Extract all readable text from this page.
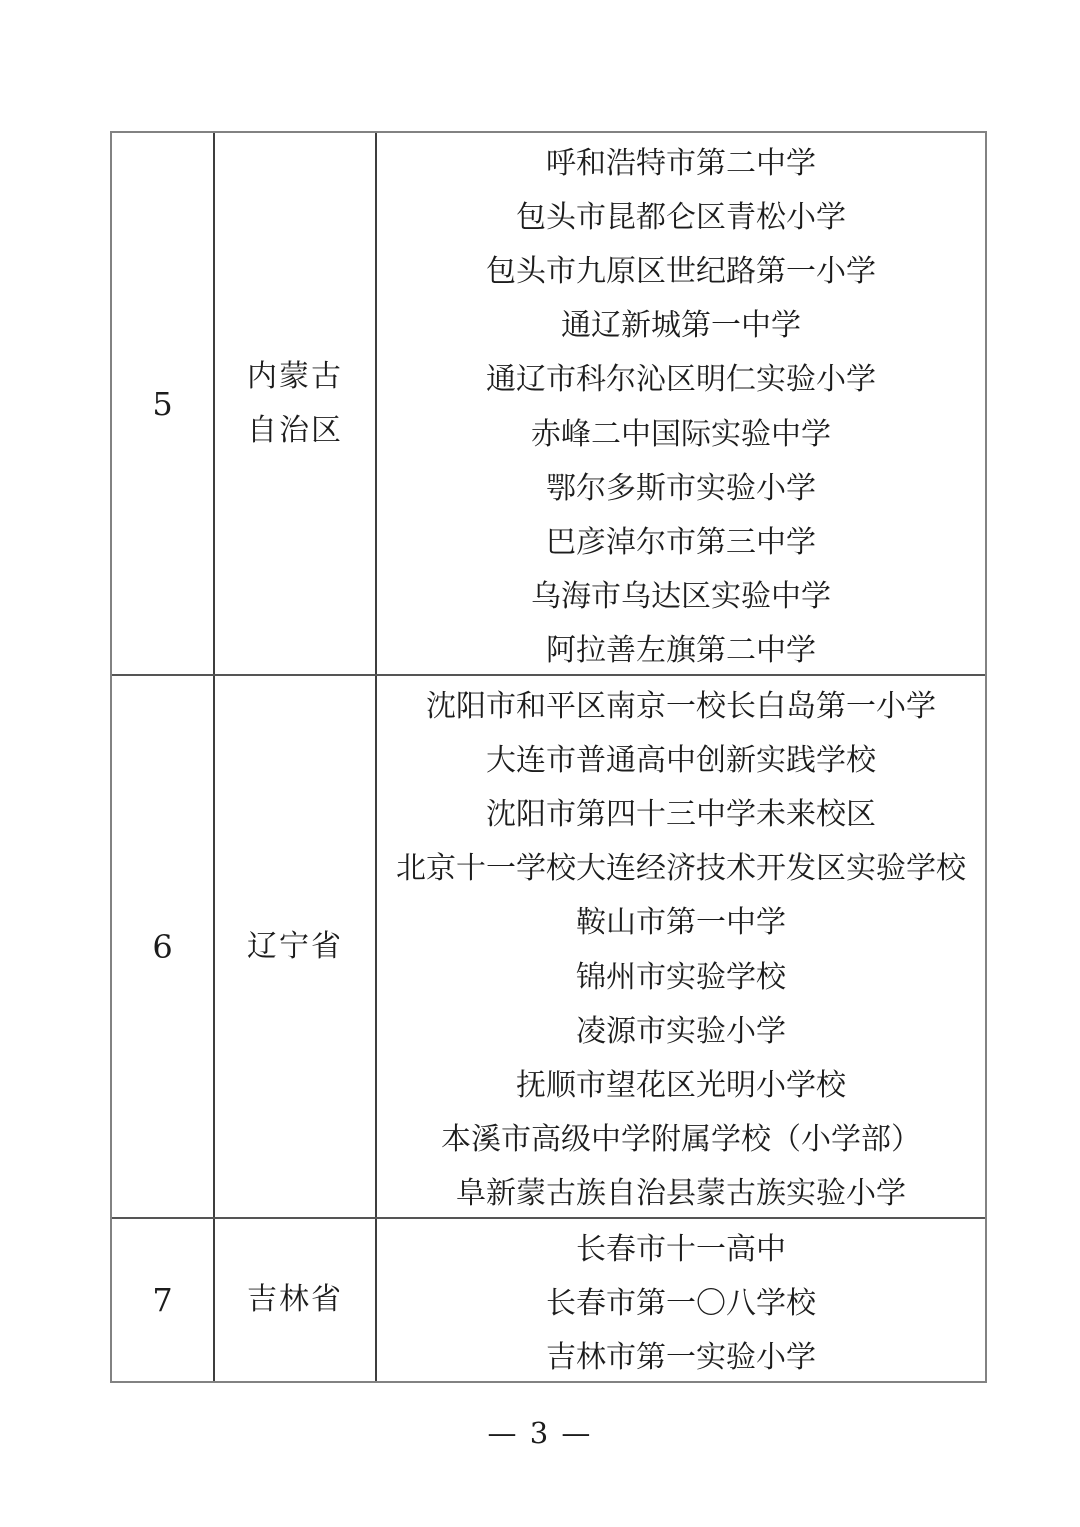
5
内蒙古
自治区
呼和浩特市第二中学
包头市昆都仑区青松小学
包头市九原区世纪路第一小学
通辽新城第一中学
通辽市科尔沁区明仁实验小学
赤峰二中国际实验中学
鄂尔多斯市实验小学
巴彦淖尔市第三中学
乌海市乌达区实验中学
阿拉善左旗第二中学
6	辽宁省
沈阳市和平区南京一校长白岛第一小学
大连市普通高中创新实践学校
沈阳市第四十三中学未来校区
北京十一学校大连经济技术开发区实验学校
鞍山市第一中学
锦州市实验学校
凌源市实验小学
抚顺市望花区光明小学校
本溪市高级中学附属学校（小学部）
阜新蒙古族自治县蒙古族实验小学
7	吉林省
长春市十一高中
长春市第一〇八学校
吉林市第一实验小学
— 3 —
